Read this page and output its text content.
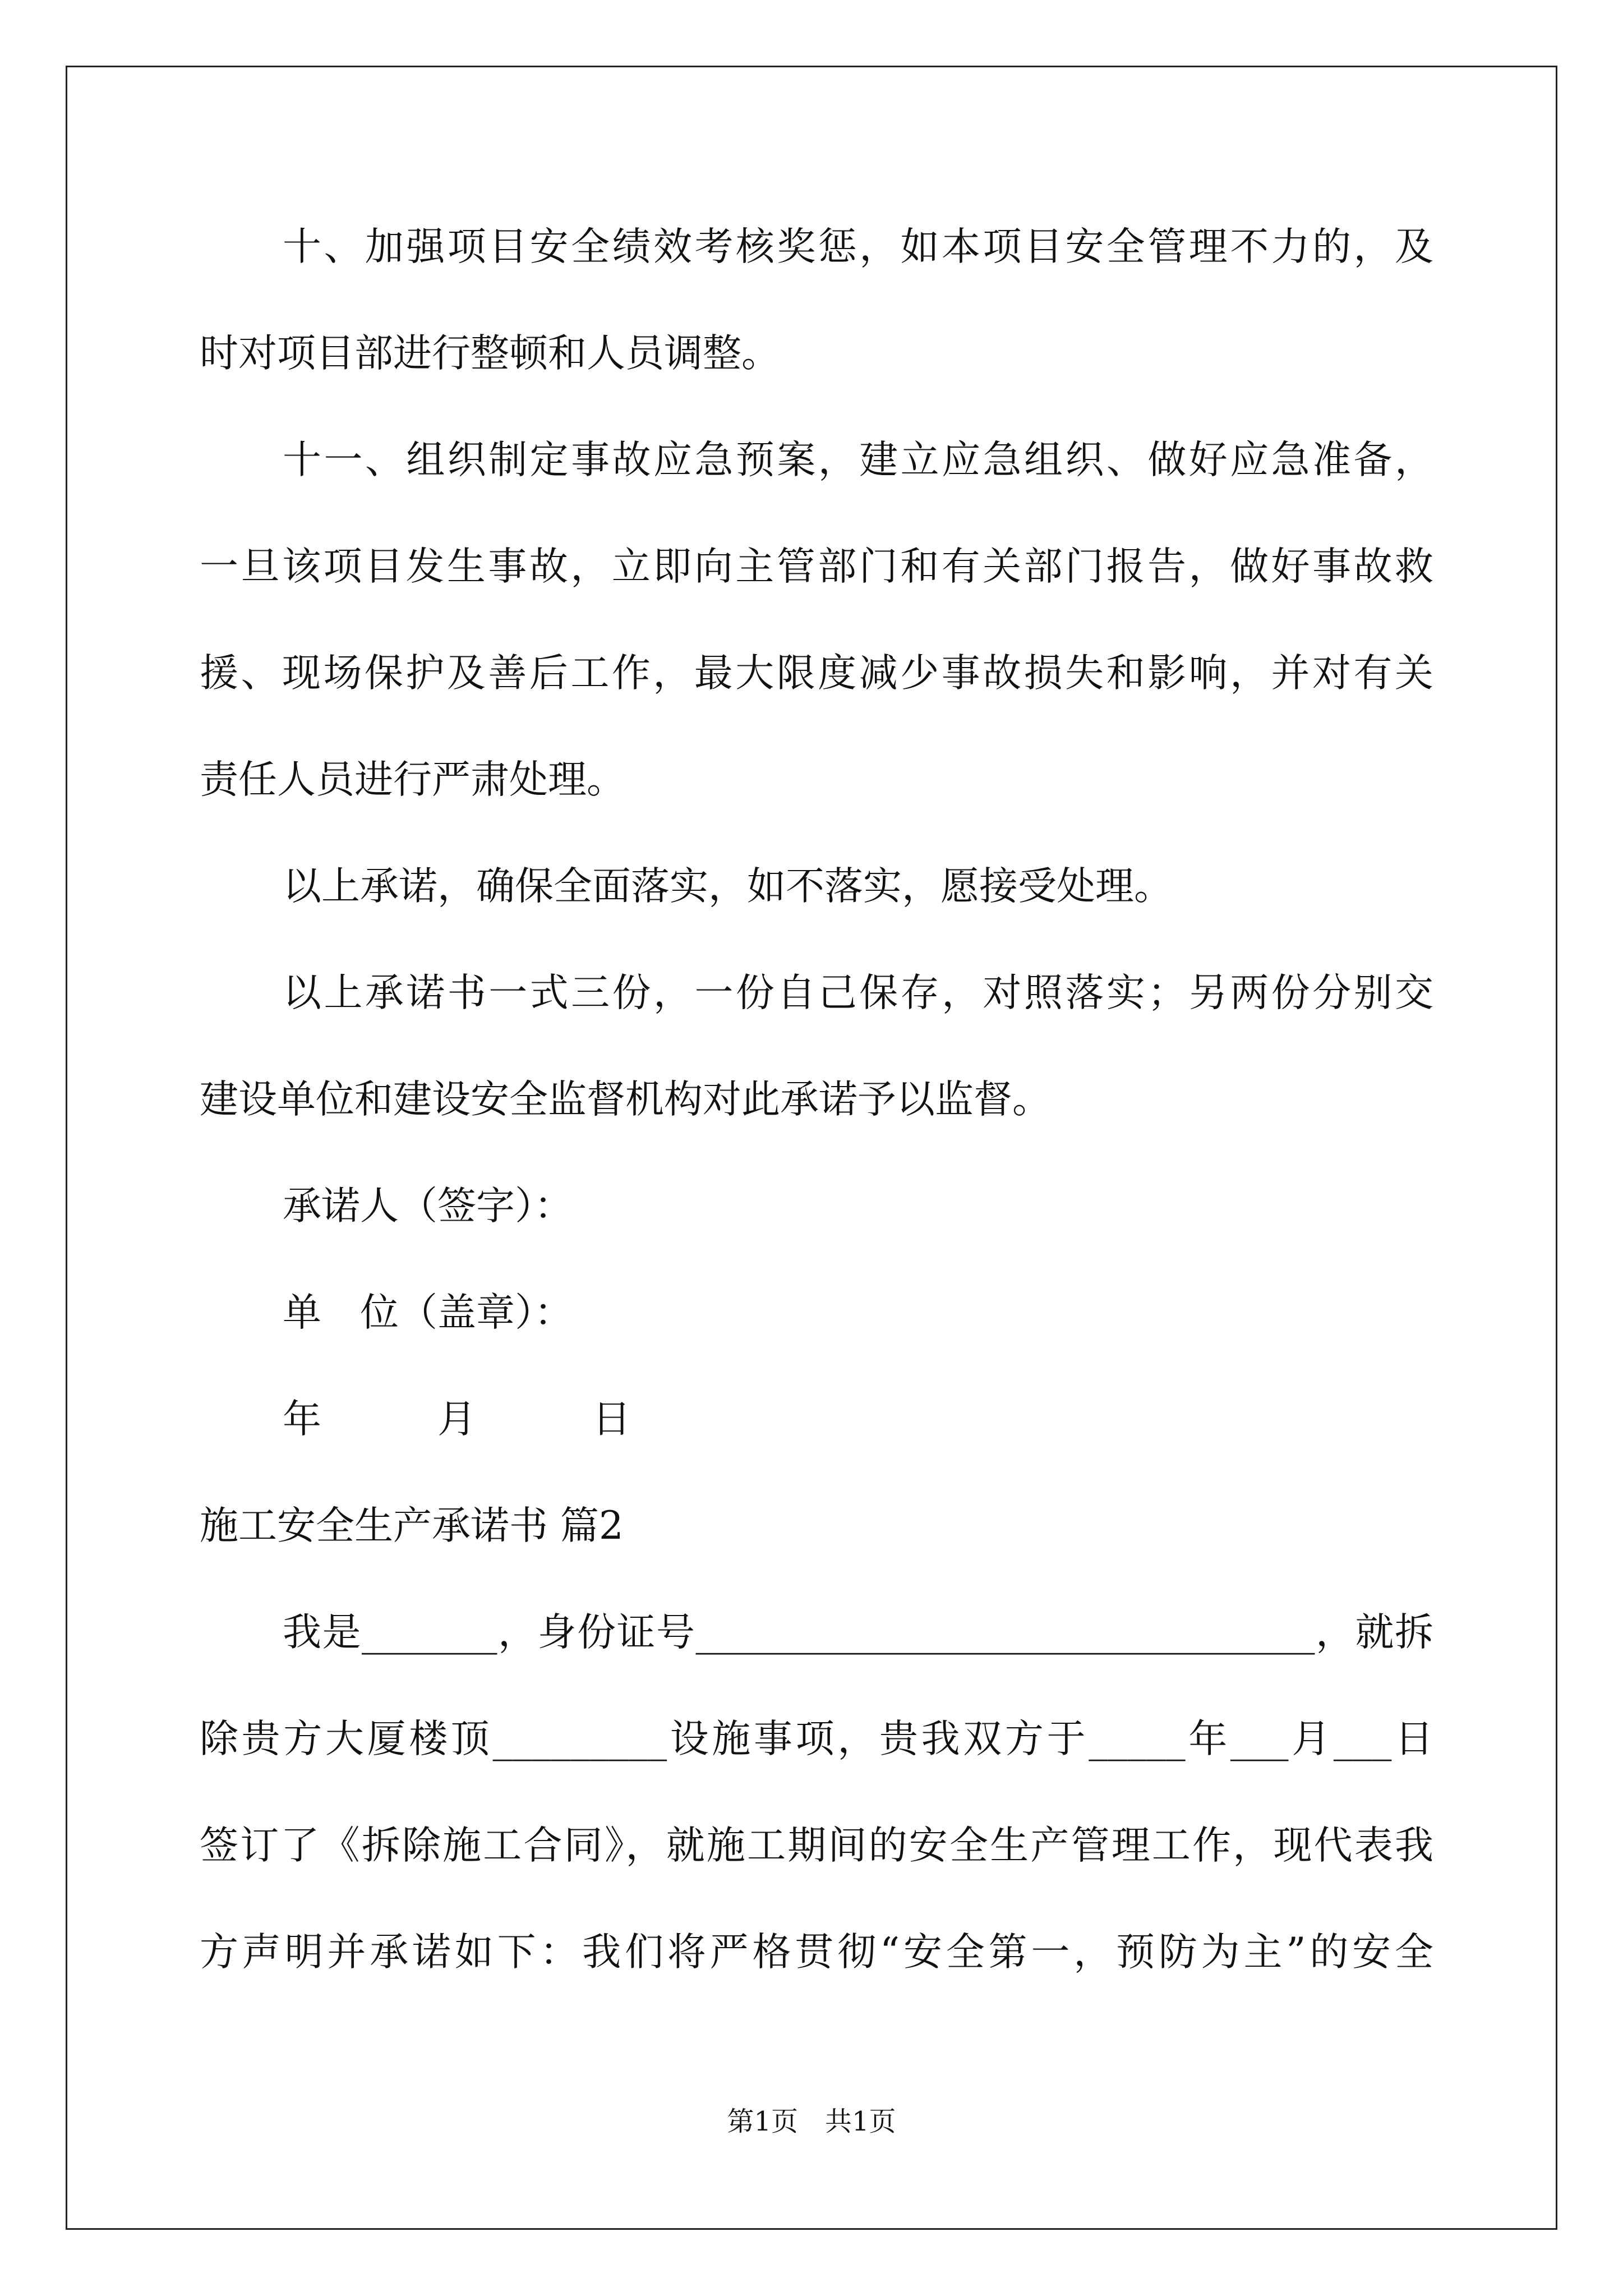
十、加强项目安全绩效考核奖惩，如本项目安全管理不力的，及
时对项目部进行整顿和人员调整。
十一、组织制定事故应急预案，建立应急组织、做好应急准备，
一旦该项目发生事故，立即向主管部门和有关部门报告，做好事故救
援、现场保护及善后工作，最大限度减少事故损失和影响，并对有关
责任人员进行严肃处理。
以上承诺，确保全面落实，如不落实，愿接受处理。
以上承诺书一式三份，一份自己保存，对照落实；另两份分别交
建设单位和建设安全监督机构对此承诺予以监督。
承诺人（签字）：
单　位（盖章）：
年　　　月　　　日
施工安全生产承诺书 篇2
我是_______，身份证号________________________________，就拆
除贵方大厦楼顶_________设施事项，贵我双方于_____年___月___日
签订了《拆除施工合同》，就施工期间的安全生产管理工作，现代表我
方声明并承诺如下：我们将严格贯彻“安全第一，预防为主”的安全
第1页　共1页
